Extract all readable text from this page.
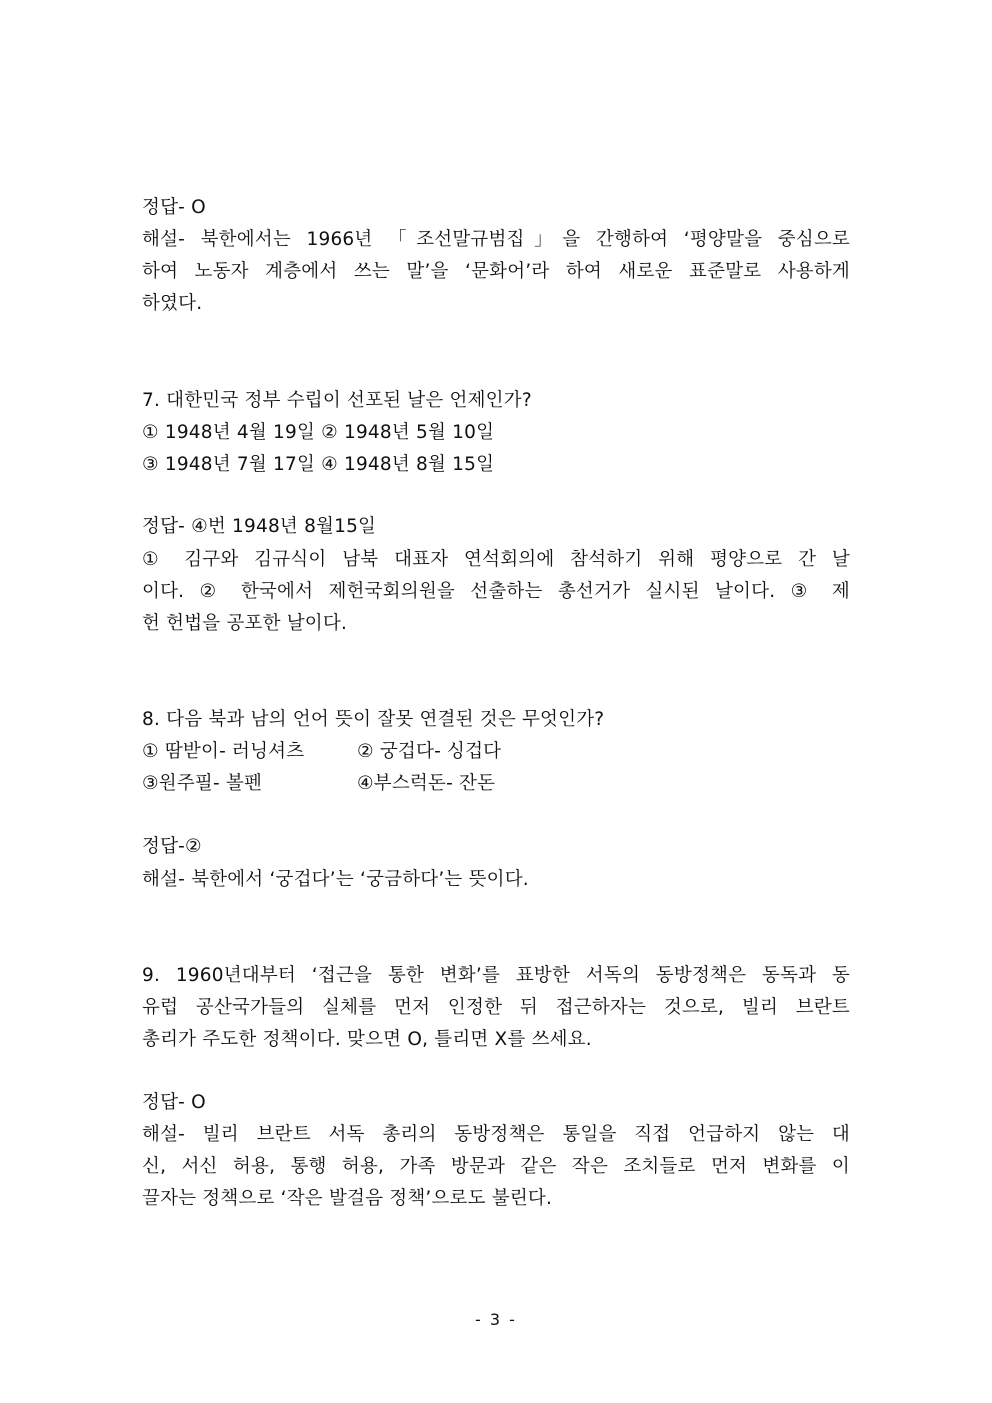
정답- O
해설- 북한에서는 1966년 「조선말규범집」을 간행하여 ‘평양말을 중심으로
하여 노동자 계층에서 쓰는 말’을 ‘문화어’라 하여 새로운 표준말로 사용하게
하였다.
7. 대한민국 정부 수립이 선포된 날은 언제인가?
① 1948년 4월 19일 ② 1948년 5월 10일
③ 1948년 7월 17일 ④ 1948년 8월 15일
정답- ④번 1948년 8월15일
① 김구와 김규식이 남북 대표자 연석회의에 참석하기 위해 평양으로 간 날
이다. ② 한국에서 제헌국회의원을 선출하는 총선거가 실시된 날이다. ③ 제
헌 헌법을 공포한 날이다.
8. 다음 북과 남의 언어 뜻이 잘못 연결된 것은 무엇인가?
① 땀받이- 러닝셔츠	② 궁겁다- 싱겁다
③원주필- 볼펜	④부스럭돈- 잔돈
정답-②
해설- 북한에서 ‘궁겁다’는 ‘궁금하다’는 뜻이다.
9. 1960년대부터 ‘접근을 통한 변화’를 표방한 서독의 동방정책은 동독과 동
유럽 공산국가들의 실체를 먼저 인정한 뒤 접근하자는 것으로, 빌리 브란트
총리가 주도한 정책이다. 맞으면 O, 틀리면 X를 쓰세요.
정답- O
해설- 빌리 브란트 서독 총리의 동방정책은 통일을 직접 언급하지 않는 대
신, 서신 허용, 통행 허용, 가족 방문과 같은 작은 조치들로 먼저 변화를 이
끌자는 정책으로 ‘작은 발걸음 정책’으로도 불린다.
- 3 -
